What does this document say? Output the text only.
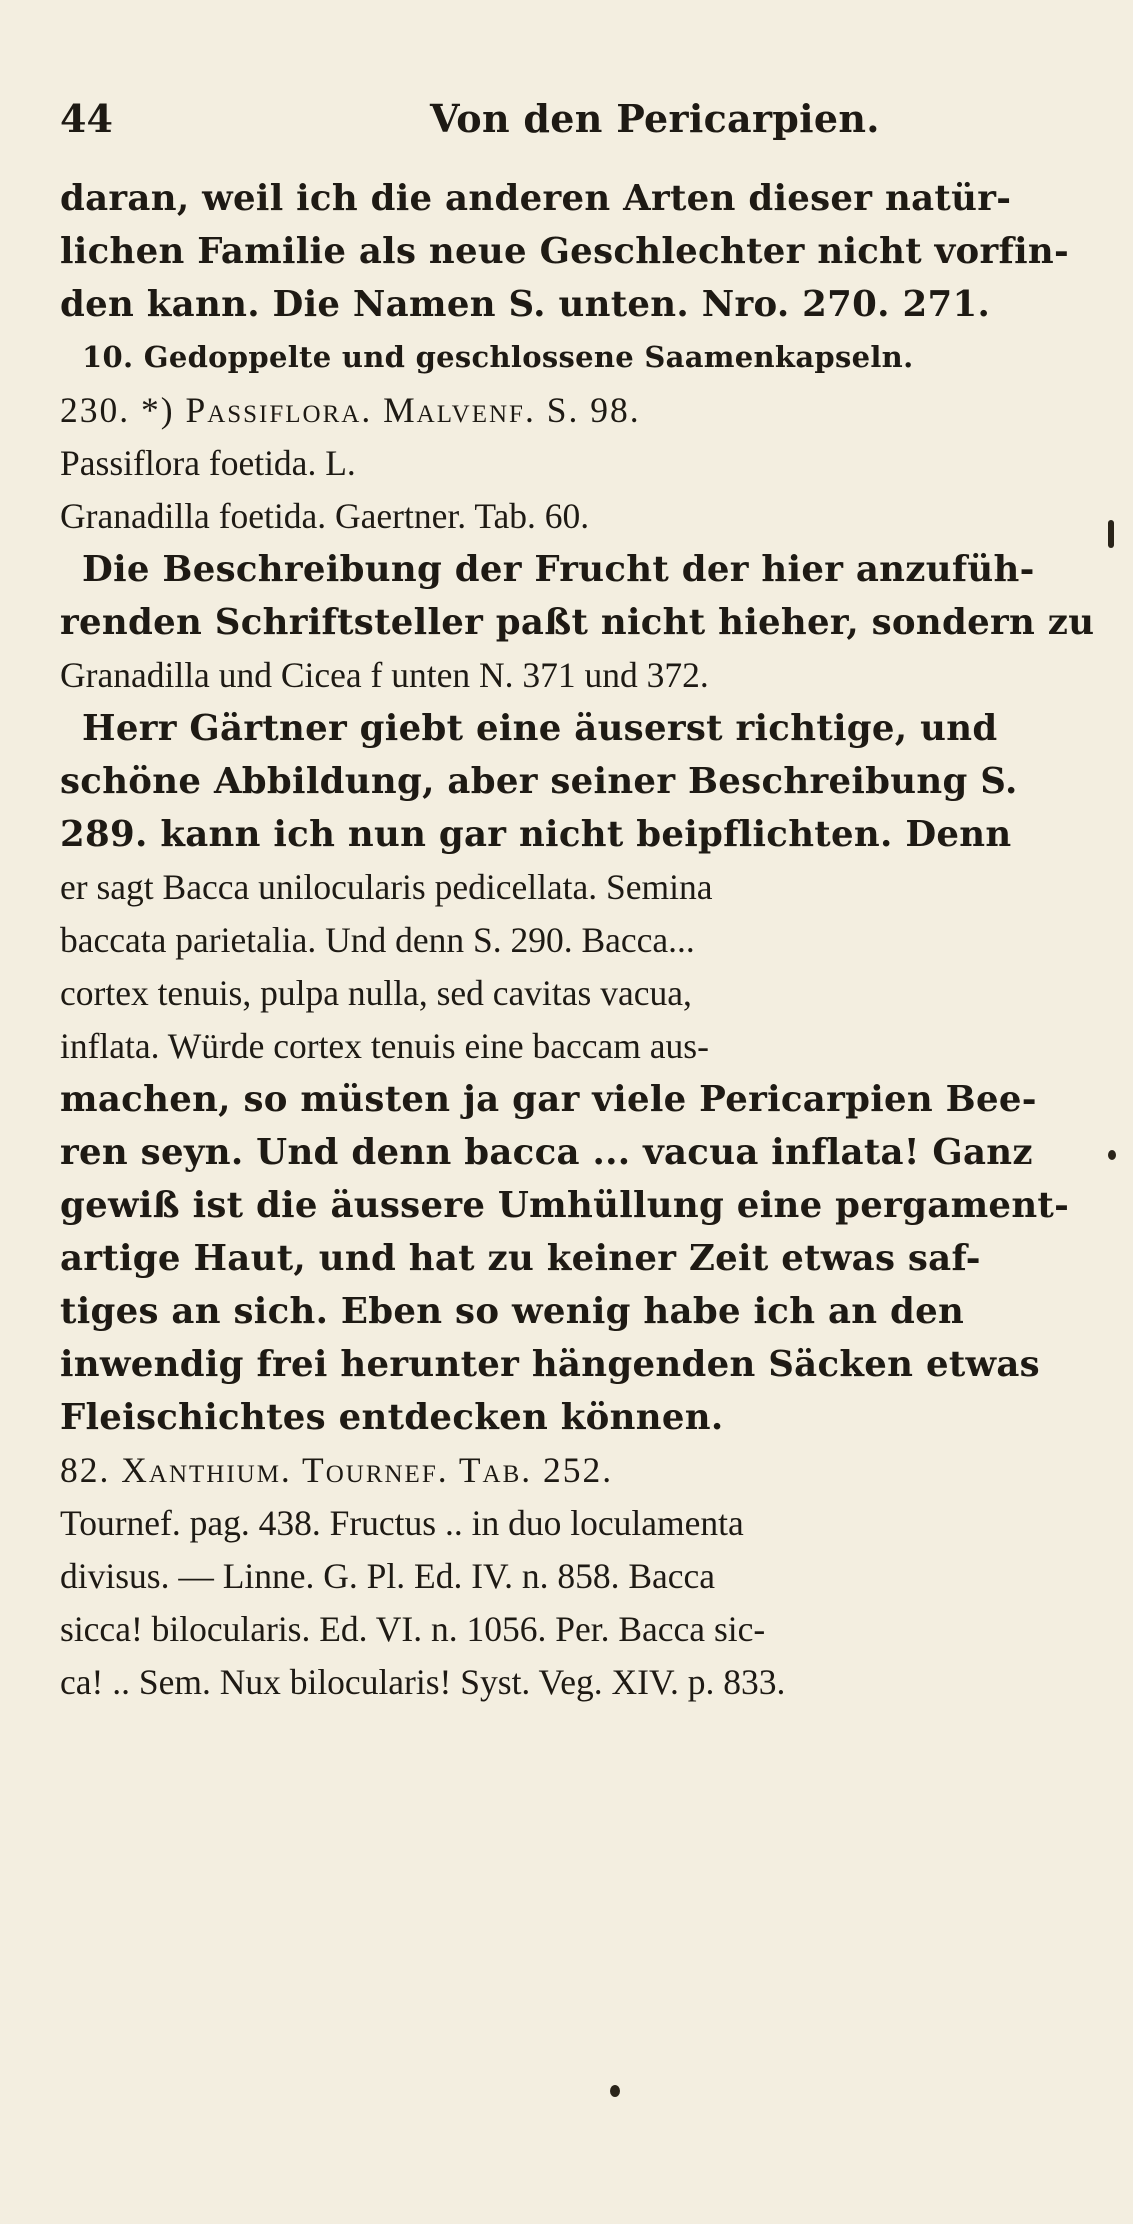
44	Von den Pericarpien.
daran, weil ich die anderen Arten dieser natür-
lichen Familie als neue Geschlechter nicht vorfin-
den kann. Die Namen S. unten. Nro. 270. 271.
10. Gedoppelte und geschlossene Saamenkapseln.
230. *) Passiflora. Malvenf. S. 98.
Passiflora foetida. L.
Granadilla foetida. Gaertner. Tab. 60.
Die Beschreibung der Frucht der hier anzufüh-
renden Schriftsteller paßt nicht hieher, sondern zu
Granadilla und Cicea f unten N. 371 und 372.
Herr Gärtner giebt eine äuserst richtige, und
schöne Abbildung, aber seiner Beschreibung S.
289. kann ich nun gar nicht beipflichten. Denn
er sagt Bacca unilocularis pedicellata. Semina
baccata parietalia. Und denn S. 290. Bacca...
cortex tenuis, pulpa nulla, sed cavitas vacua,
inflata. Würde cortex tenuis eine baccam aus-
machen, so müsten ja gar viele Pericarpien Bee-
ren seyn. Und denn bacca ... vacua inflata! Ganz
gewiß ist die äussere Umhüllung eine pergament-
artige Haut, und hat zu keiner Zeit etwas saf-
tiges an sich. Eben so wenig habe ich an den
inwendig frei herunter hängenden Säcken etwas
Fleischichtes entdecken können.
82. Xanthium. Tournef. Tab. 252.
Tournef. pag. 438. Fructus .. in duo loculamenta
divisus. — Linne. G. Pl. Ed. IV. n. 858. Bacca
sicca! bilocularis. Ed. VI. n. 1056. Per. Bacca sic-
ca! .. Sem. Nux bilocularis! Syst. Veg. XIV. p. 833.
